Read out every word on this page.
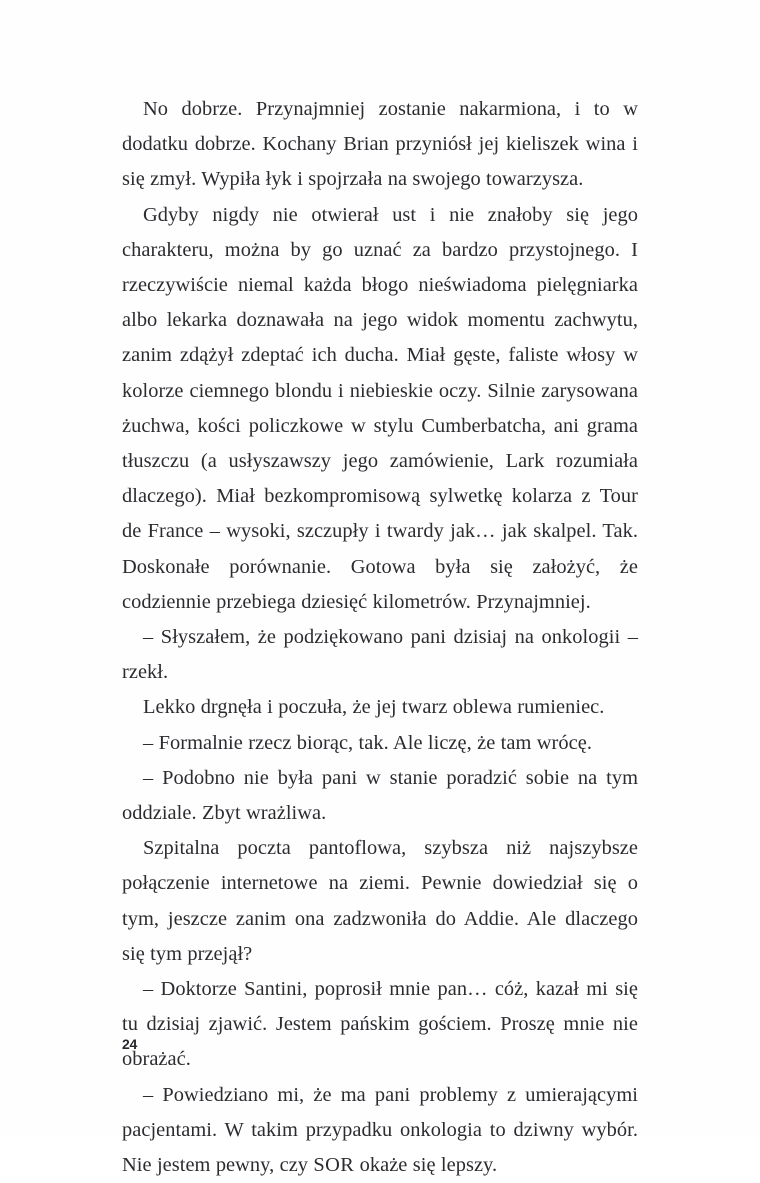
No dobrze. Przynajmniej zostanie nakarmiona, i to w dodatku dobrze. Kochany Brian przyniósł jej kieliszek wina i się zmył. Wypiła łyk i spojrzała na swojego towarzysza.

Gdyby nigdy nie otwierał ust i nie znałoby się jego charakteru, można by go uznać za bardzo przystojnego. I rzeczywiście niemal każda błogo nieświadoma pielęgniarka albo lekarka doznawała na jego widok momentu zachwytu, zanim zdążył zdeptać ich ducha. Miał gęste, faliste włosy w kolorze ciemnego blondu i niebieskie oczy. Silnie zarysowana żuchwa, kości policzkowe w stylu Cumberbatcha, ani grama tłuszczu (a usłyszawszy jego zamówienie, Lark rozumiała dlaczego). Miał bezkompromisową sylwetkę kolarza z Tour de France – wysoki, szczupły i twardy jak… jak skalpel. Tak. Doskonałe porównanie. Gotowa była się założyć, że codziennie przebiega dziesięć kilometrów. Przynajmniej.

– Słyszałem, że podziękowano pani dzisiaj na onkologii – rzekł.

Lekko drgnęła i poczuła, że jej twarz oblewa rumieniec.

– Formalnie rzecz biorąc, tak. Ale liczę, że tam wrócę.

– Podobno nie była pani w stanie poradzić sobie na tym oddziale. Zbyt wrażliwa.

Szpitalna poczta pantoflowa, szybsza niż najszybsze połączenie internetowe na ziemi. Pewnie dowiedział się o tym, jeszcze zanim ona zadzwoniła do Addie. Ale dlaczego się tym przejął?

– Doktorze Santini, poprosił mnie pan… cóż, kazał mi się tu dzisiaj zjawić. Jestem pańskim gościem. Proszę mnie nie obrażać.

– Powiedziano mi, że ma pani problemy z umierającymi pacjentami. W takim przypadku onkologia to dziwny wybór. Nie jestem pewny, czy SOR okaże się lepszy.

24
